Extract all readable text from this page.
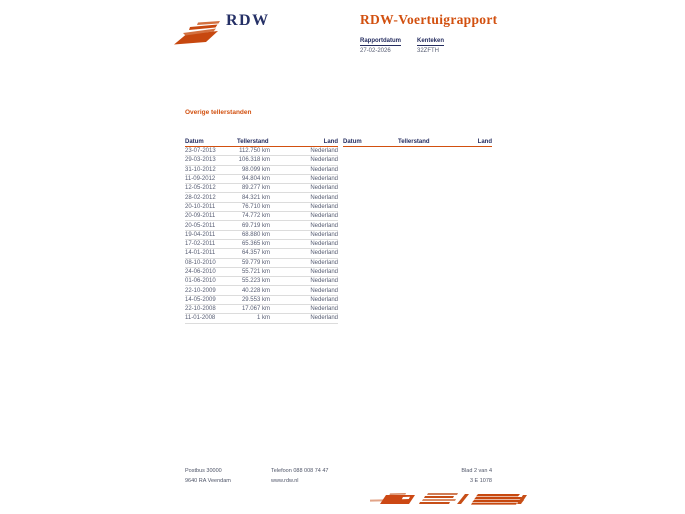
RDW	RDW-Voertuigrapport
Rapportdatum
27-02-2026
Kenteken
32ZFTH
Overige tellerstanden
Datum	Tellerstand	Land
23-07-2013	112.750 km	Nederland
29-03-2013	106.318 km	Nederland
31-10-2012	98.099 km	Nederland
11-09-2012	94.804 km	Nederland
12-05-2012	89.277 km	Nederland
28-02-2012	84.321 km	Nederland
20-10-2011	76.710 km	Nederland
20-09-2011	74.772 km	Nederland
20-05-2011	69.719 km	Nederland
19-04-2011	68.880 km	Nederland
17-02-2011	65.365 km	Nederland
14-01-2011	64.357 km	Nederland
08-10-2010	59.779 km	Nederland
24-06-2010	55.721 km	Nederland
01-06-2010	55.223 km	Nederland
22-10-2009	40.228 km	Nederland
14-05-2009	29.553 km	Nederland
22-10-2008	17.067 km	Nederland
11-01-2008	1 km	Nederland
Datum	Tellerstand	Land
Postbus 30000
9640 RA Veendam
Telefoon 088 008 74 47
www.rdw.nl
Blad 2 van 4
3 E 1078
